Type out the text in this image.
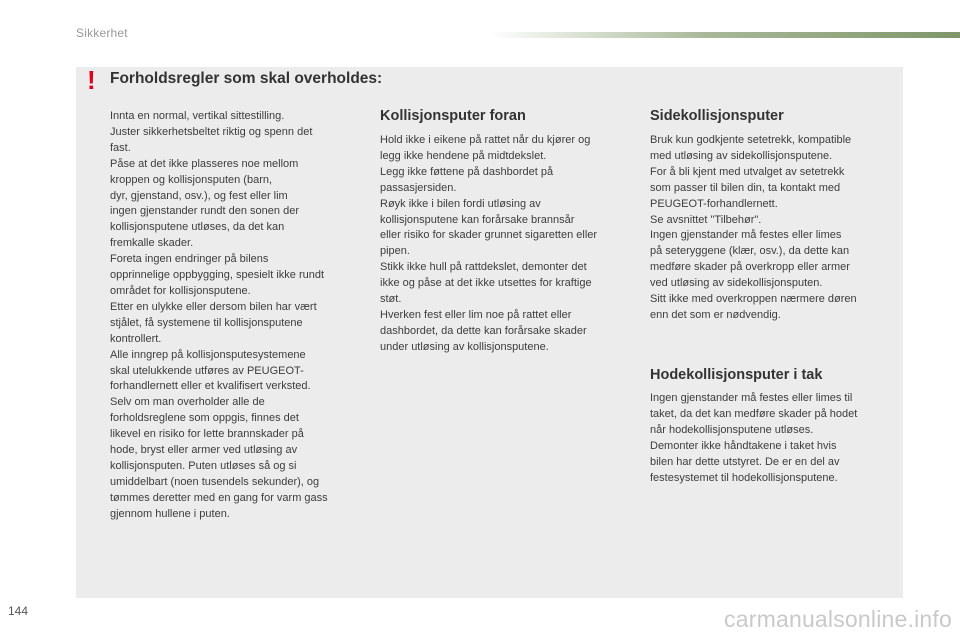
Sikkerhet
! Forholdsregler som skal overholdes:

Innta en normal, vertikal sittestilling.
Juster sikkerhetsbeltet riktig og spenn det
fast.
Påse at det ikke plasseres noe mellom
kroppen og kollisjonsputen (barn,
dyr, gjenstand, osv.), og fest eller lim
ingen gjenstander rundt den sonen der
kollisjonsputene utløses, da det kan
fremkalle skader.
Foreta ingen endringer på bilens
opprinnelige oppbygging, spesielt ikke rundt
området for kollisjonsputene.
Etter en ulykke eller dersom bilen har vært
stjålet, få systemene til kollisjonsputene
kontrollert.
Alle inngrep på kollisjonsputesystemene
skal utelukkende utføres av PEUGEOT-
forhandlernett eller et kvalifisert verksted.
Selv om man overholder alle de
forholdsreglene som oppgis, finnes det
likevel en risiko for lette brannskader på
hode, bryst eller armer ved utløsing av
kollisjonsputen. Puten utløses så og si
umiddelbart (noen tusendels sekunder), og
tømmes deretter med en gang for varm gass
gjennom hullene i puten.

Kollisjonsputer foran

Hold ikke i eikene på rattet når du kjører og
legg ikke hendene på midtdekslet.
Legg ikke føttene på dashbordet på
passasjersiden.
Røyk ikke i bilen fordi utløsing av
kollisjonsputene kan forårsake brannsår
eller risiko for skader grunnet sigaretten eller
pipen.
Stikk ikke hull på rattdekslet, demonter det
ikke og påse at det ikke utsettes for kraftige
støt.
Hverken fest eller lim noe på rattet eller
dashbordet, da dette kan forårsake skader
under utløsing av kollisjonsputene.

Sidekollisjonsputer

Bruk kun godkjente setetrekk, kompatible
med utløsing av sidekollisjonsputene.
For å bli kjent med utvalget av setetrekk
som passer til bilen din, ta kontakt med
PEUGEOT-forhandlernett.
Se avsnittet "Tilbehør".
Ingen gjenstander må festes eller limes
på seteryggene (klær, osv.), da dette kan
medføre skader på overkropp eller armer
ved utløsing av sidekollisjonsputen.
Sitt ikke med overkroppen nærmere døren
enn det som er nødvendig.

Hodekollisjonsputer i tak

Ingen gjenstander må festes eller limes til
taket, da det kan medføre skader på hodet
når hodekollisjonsputene utløses.
Demonter ikke håndtakene i taket hvis
bilen har dette utstyret. De er en del av
festesystemet til hodekollisjonsputene.

144	carmanualsonline.info
